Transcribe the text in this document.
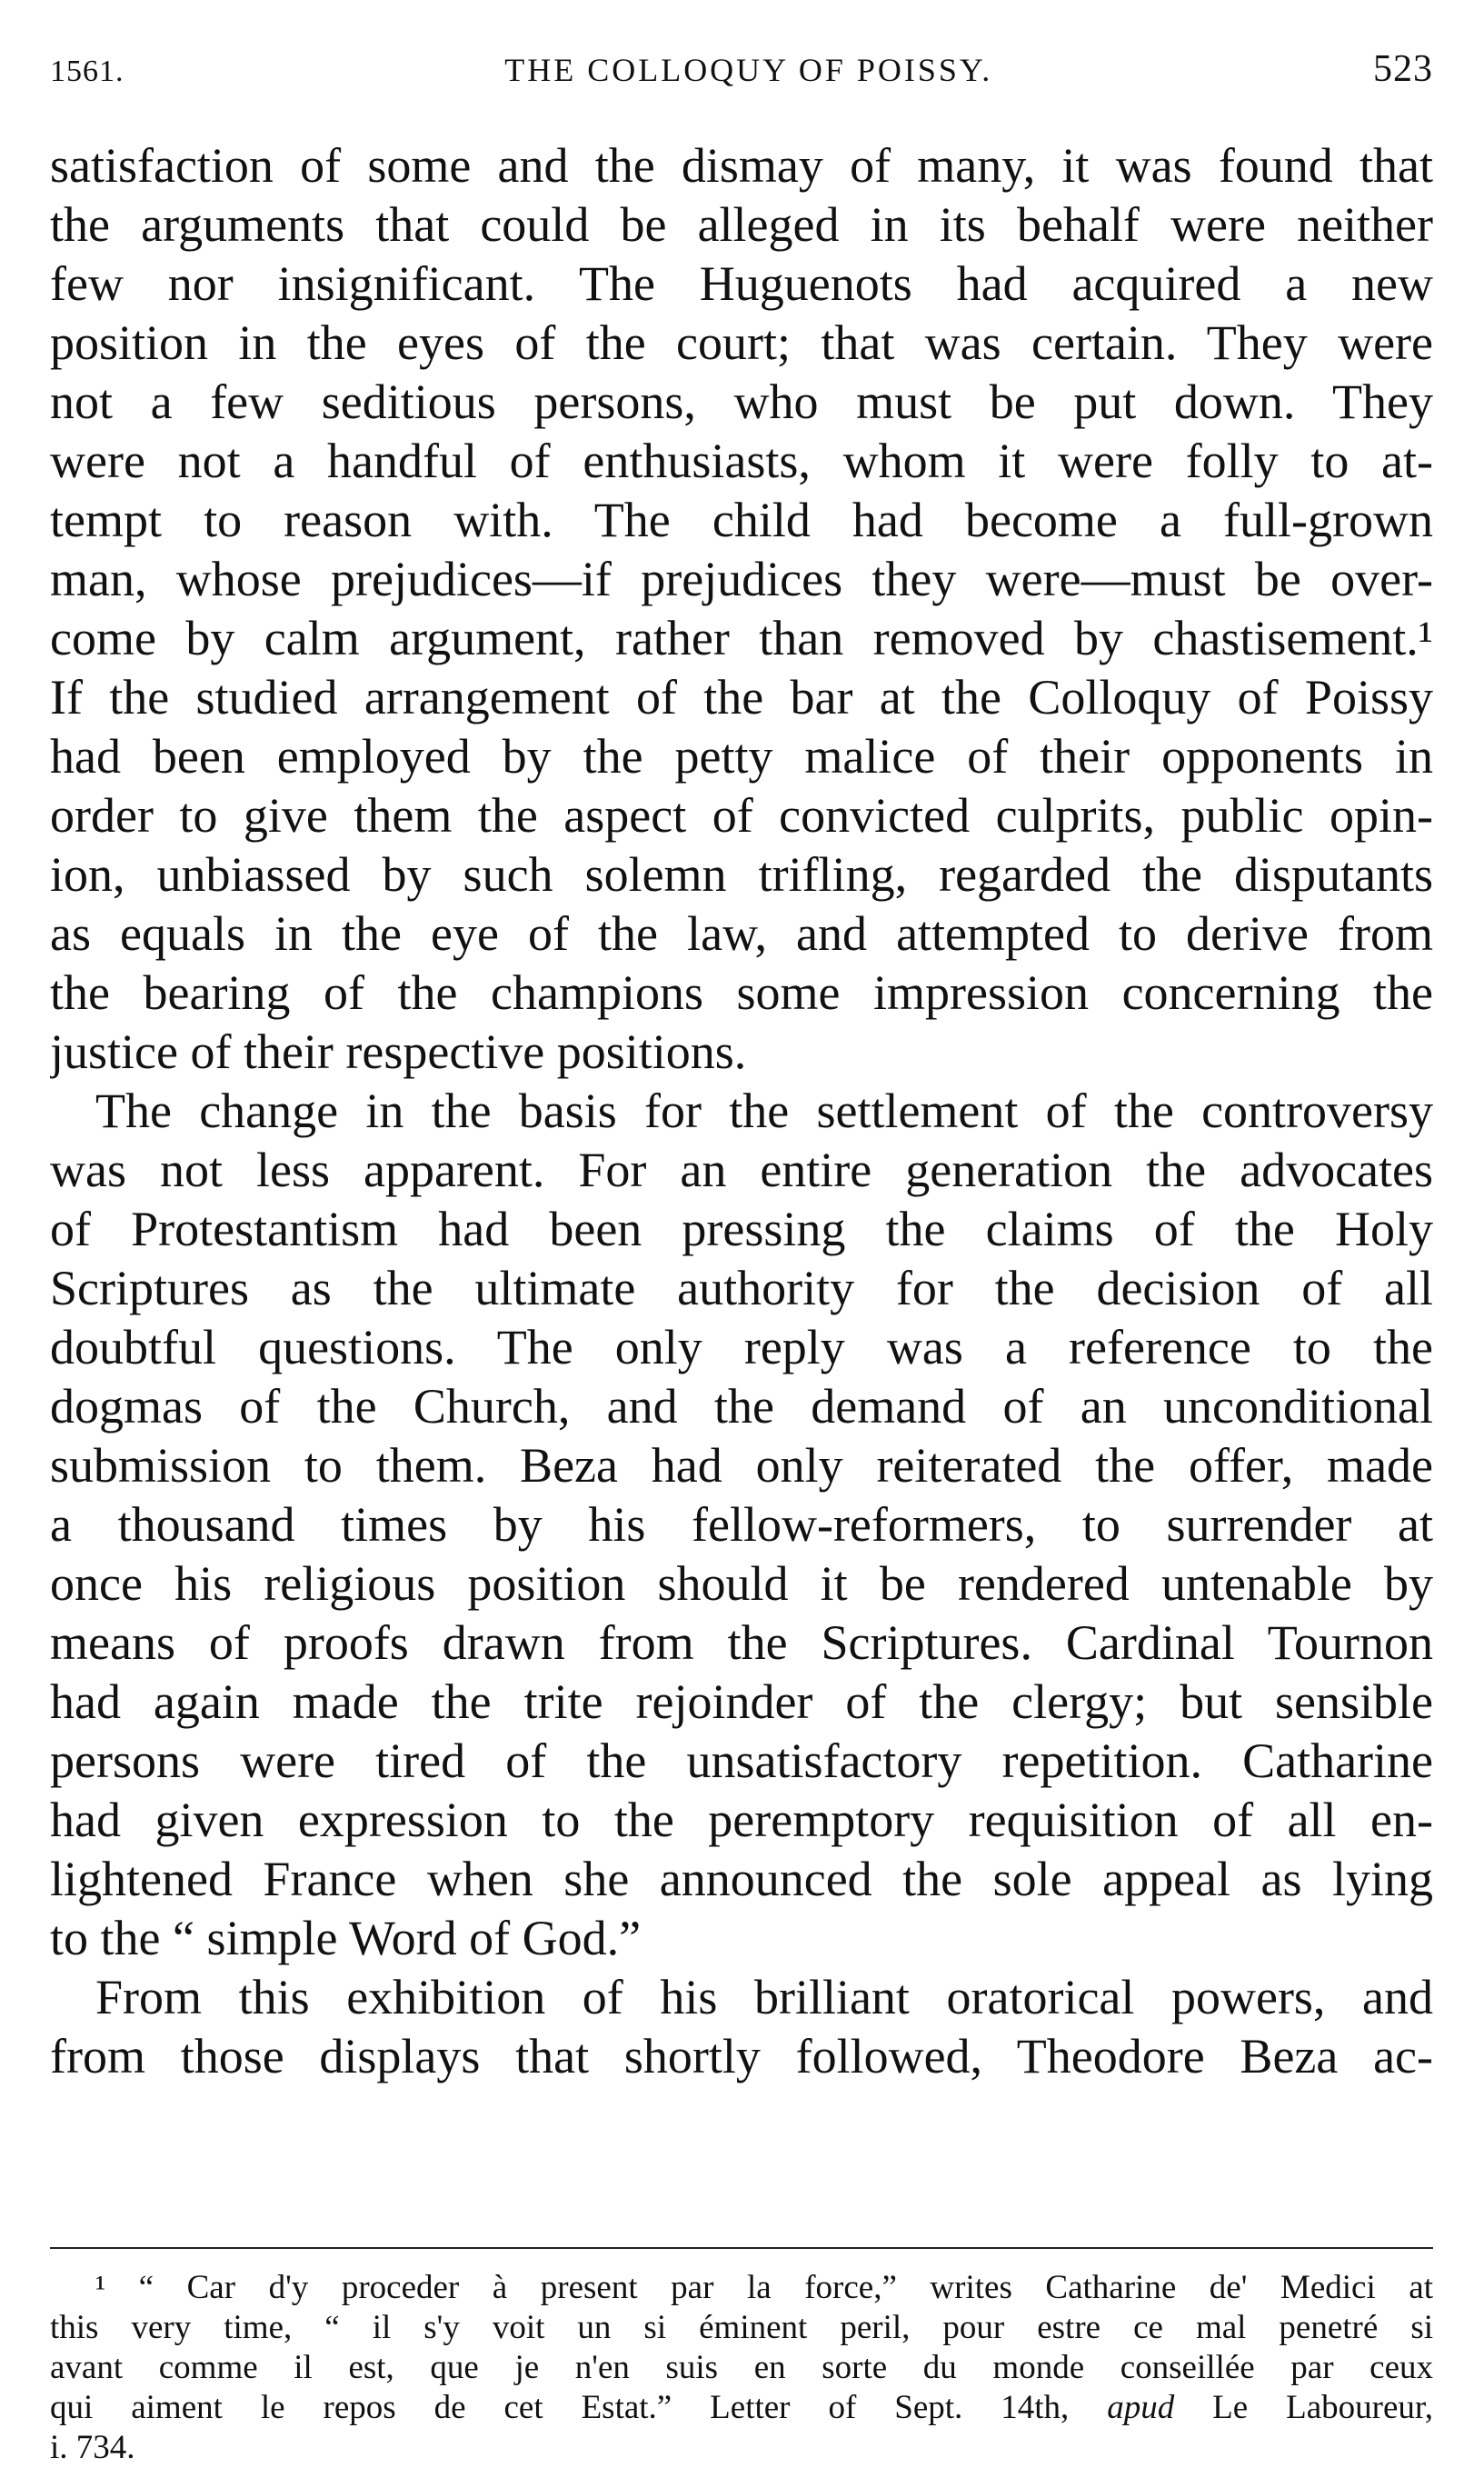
1561.	THE COLLOQUY OF POISSY.	523
satisfaction of some and the dismay of many, it was found that
the arguments that could be alleged in its behalf were neither
few nor insignificant. The Huguenots had acquired a new
position in the eyes of the court; that was certain. They were
not a few seditious persons, who must be put down. They
were not a handful of enthusiasts, whom it were folly to at-
tempt to reason with. The child had become a full-grown
man, whose prejudices—if prejudices they were—must be over-
come by calm argument, rather than removed by chastisement.¹
If the studied arrangement of the bar at the Colloquy of Poissy
had been employed by the petty malice of their opponents in
order to give them the aspect of convicted culprits, public opin-
ion, unbiassed by such solemn trifling, regarded the disputants
as equals in the eye of the law, and attempted to derive from
the bearing of the champions some impression concerning the
justice of their respective positions.
The change in the basis for the settlement of the controversy
was not less apparent. For an entire generation the advocates
of Protestantism had been pressing the claims of the Holy
Scriptures as the ultimate authority for the decision of all
doubtful questions. The only reply was a reference to the
dogmas of the Church, and the demand of an unconditional
submission to them. Beza had only reiterated the offer, made
a thousand times by his fellow-reformers, to surrender at
once his religious position should it be rendered untenable by
means of proofs drawn from the Scriptures. Cardinal Tournon
had again made the trite rejoinder of the clergy; but sensible
persons were tired of the unsatisfactory repetition. Catharine
had given expression to the peremptory requisition of all en-
lightened France when she announced the sole appeal as lying
to the “ simple Word of God.”
From this exhibition of his brilliant oratorical powers, and
from those displays that shortly followed, Theodore Beza ac-
¹ “ Car d'y proceder à present par la force,” writes Catharine de' Medici at
this very time, “ il s'y voit un si éminent peril, pour estre ce mal penetré si
avant comme il est, que je n'en suis en sorte du monde conseillée par ceux
qui aiment le repos de cet Estat.” Letter of Sept. 14th, apud Le Laboureur,
i. 734.
